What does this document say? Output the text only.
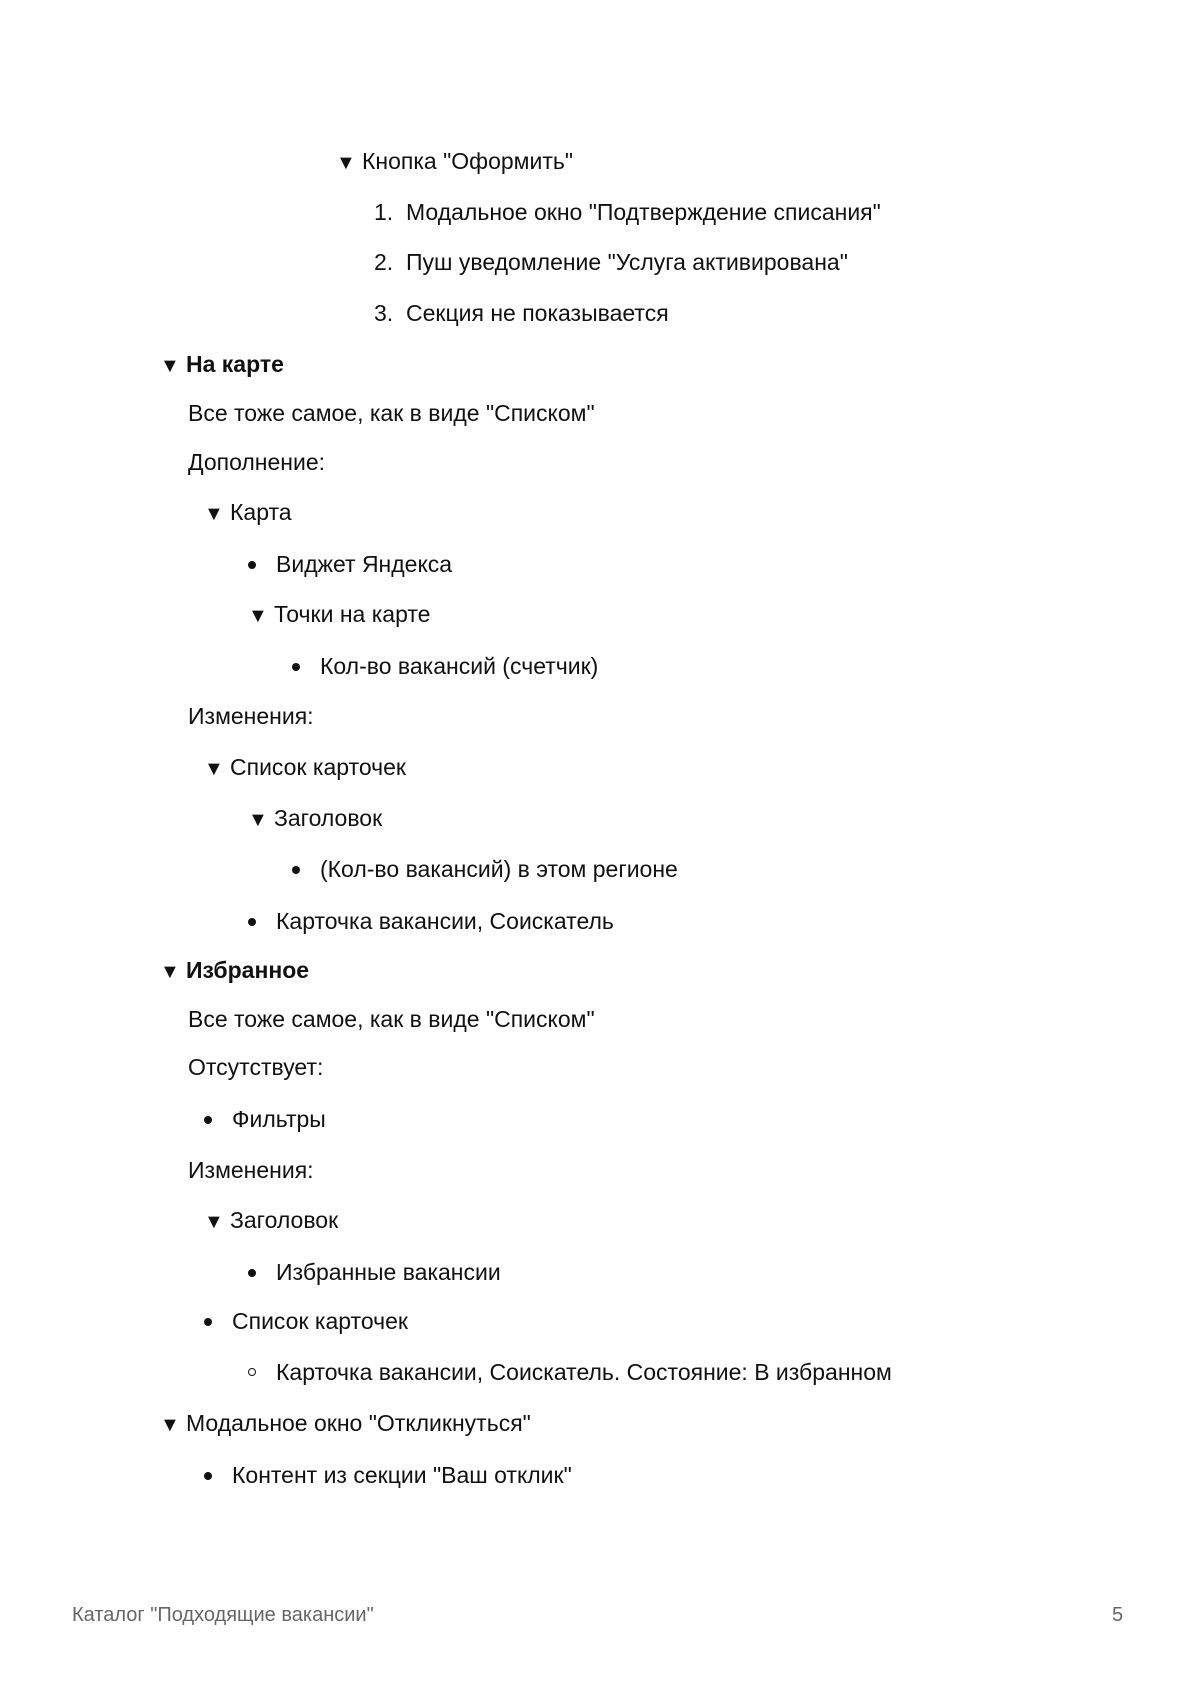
▼ Кнопка "Оформить"
1. Модальное окно "Подтверждение списания"
2. Пуш уведомление "Услуга активирована"
3. Секция не показывается
▼ На карте
Все тоже самое, как в виде "Списком"
Дополнение:
▼ Карта
Виджет Яндекса
▼ Точки на карте
Кол-во вакансий (счетчик)
Изменения:
▼ Список карточек
▼ Заголовок
(Кол-во вакансий) в этом регионе
Карточка вакансии, Соискатель
▼ Избранное
Все тоже самое, как в виде "Списком"
Отсутствует:
Фильтры
Изменения:
▼ Заголовок
Избранные вакансии
Список карточек
Карточка вакансии, Соискатель. Состояние: В избранном
▼ Модальное окно "Откликнуться"
Контент из секции "Ваш отклик"
Каталог "Подходящие вакансии"	5
